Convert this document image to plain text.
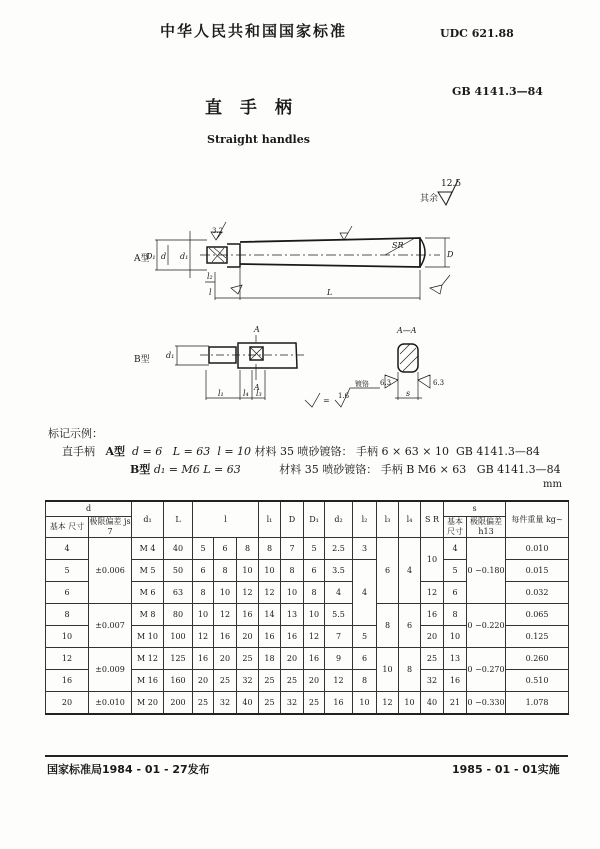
中华人民共和国国家标准	UDC 621.88
GB 4141.3—84
直 手 柄
Straight handles
其余
12.5
A型
D₁ d d₁
l₂
l	L
SR
D
3.2
B型 d₁
l₁ l₄ l₃
A
A
A—A
s
= 1.6
镀铬 6.3	6.3
标记示例：
直手柄 A型 d = 6 L = 63 l = 10 材料 35 喷砂镀铬： 手柄 6 × 63 × 10 GB 4141.3—84
B型 d₁ = M6 L = 63	材料 35 喷砂镀铬： 手柄 B M6 × 63 GB 4141.3—84
mm
d		d₁	L	l			l₁	D	D₁	d₂	l₂	l₃	l₄	S R	s		每件重量 kg~
基本 尺寸	极限偏差 js 7														基本 尺寸	极限偏差 h13	
4	±0.006	M 4	40	5	6	8	8	7	5	2.5	3	6	4	10	4	0 −0.180	0.010
5		M 5	50	6	8	10	10	8	6	3.5	4				5		0.015
6		M 6	63	8	10	12	12	10	8	4				12	6		0.032
8	±0.007	M 8	80	10	12	16	14	13	10	5.5		8	6	16	8	0 −0.220	0.065
10		M 10	100	12	16	20	16	16	12	7	5			20	10		0.125
12	±0.009	M 12	125	16	20	25	18	20	16	9	6	10	8	25	13	0 −0.270	0.260
16		M 16	160	20	25	32	25	25	20	12	8			32	16		0.510
20	±0.010	M 20	200	25	32	40	25	32	25	16	10	12	10	40	21	0 −0.330	1.078
国家标准局1984 - 01 - 27发布	1985 - 01 - 01实施
